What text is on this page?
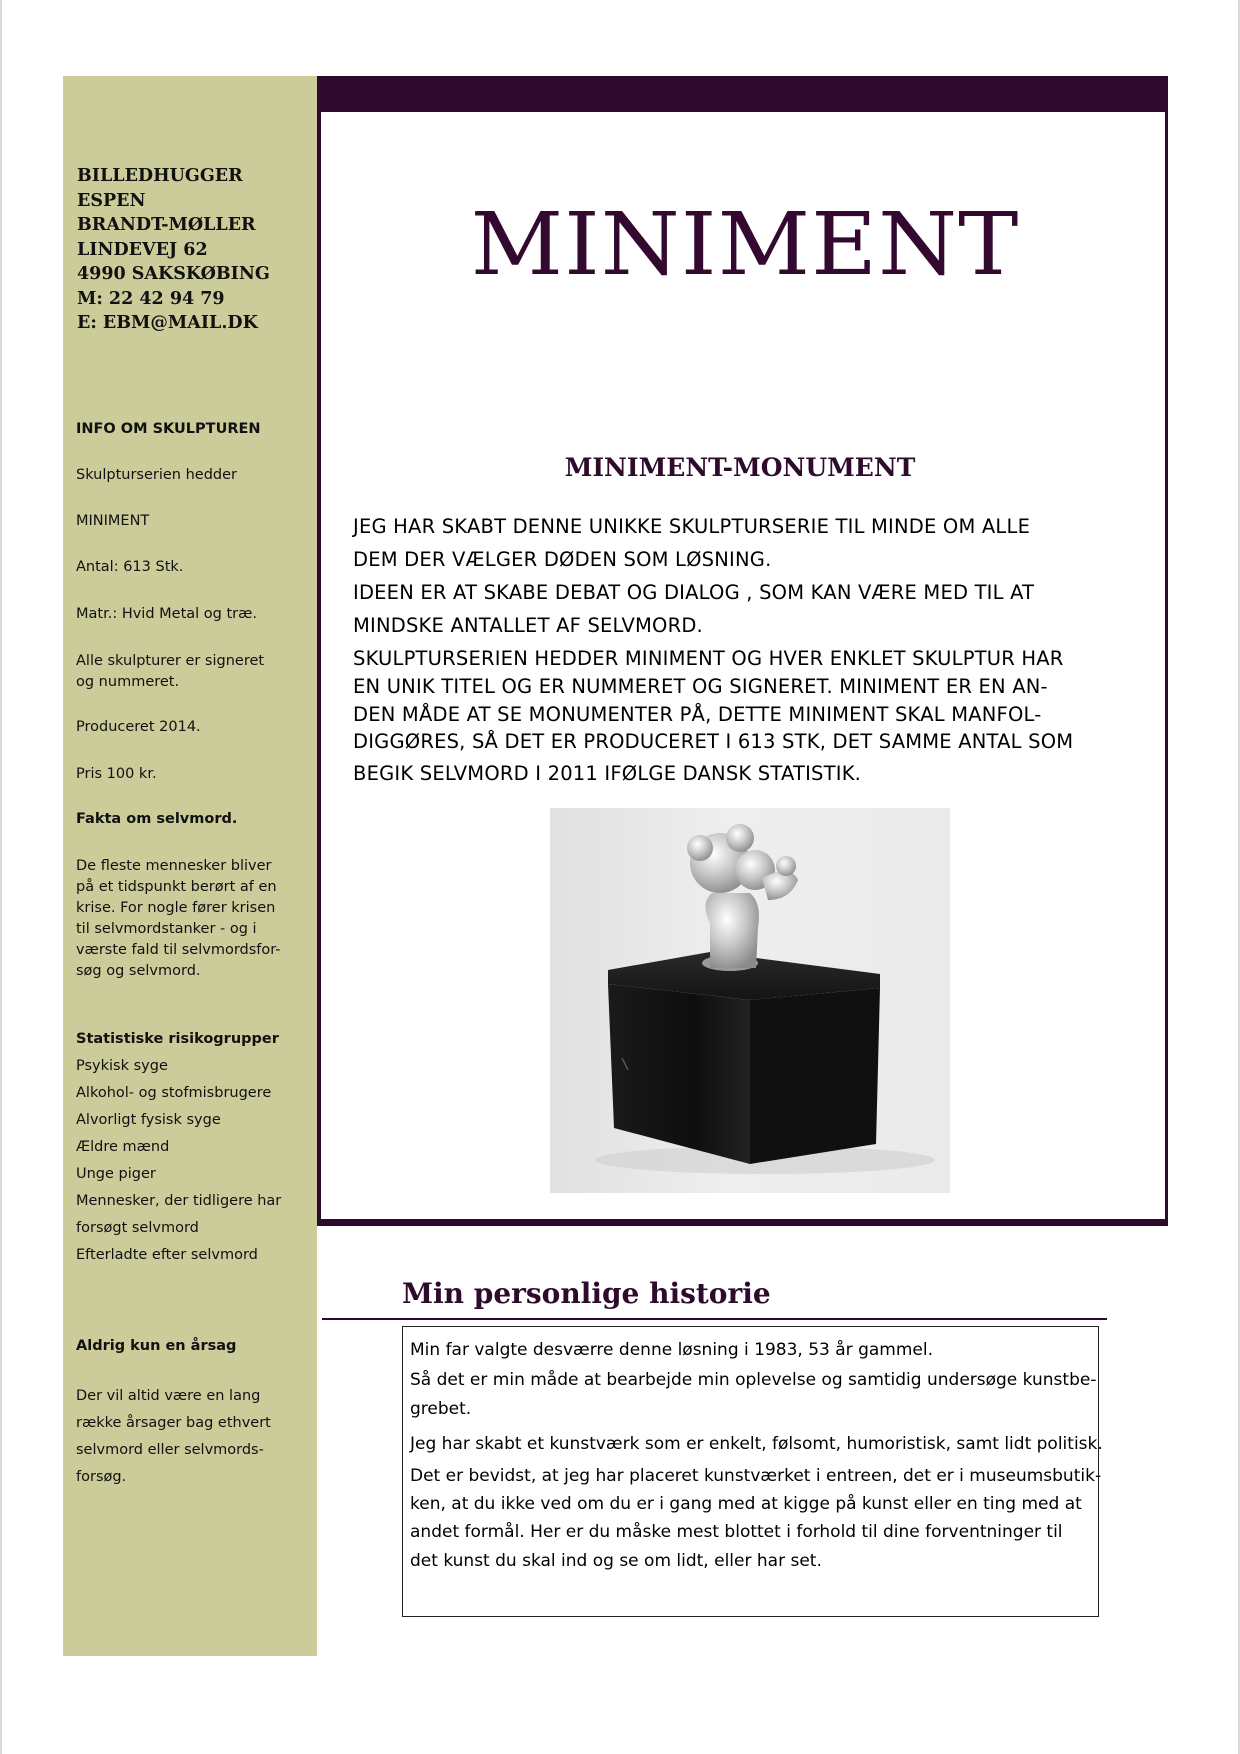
BILLEDHUGGER
ESPEN
BRANDT-MØLLER
LINDEVEJ 62
4990 SAKSKØBING
M: 22 42 94 79
E: EBM@MAIL.DK
INFO OM SKULPTUREN
Skulpturserien hedder
MINIMENT
Antal: 613 Stk.
Matr.: Hvid Metal og træ.
Alle skulpturer er signeret
og nummeret.
Produceret 2014.
Pris 100 kr.
Fakta om selvmord.
De fleste mennesker bliver
på et tidspunkt berørt af en
krise. For nogle fører krisen
til selvmordstanker - og i
værste fald til selvmordsfor-
søg og selvmord.
Statistiske risikogrupper
Psykisk syge
Alkohol- og stofmisbrugere
Alvorligt fysisk syge
Ældre mænd
Unge piger
Mennesker, der tidligere har
forsøgt selvmord
Efterladte efter selvmord
Aldrig kun en årsag
Der vil altid være en lang
række årsager bag ethvert
selvmord eller selvmords-
forsøg.
MINIMENT
MINIMENT-MONUMENT
JEG HAR SKABT DENNE UNIKKE SKULPTURSERIE TIL MINDE OM ALLE
DEM DER VÆLGER DØDEN SOM LØSNING.
IDEEN ER AT SKABE DEBAT OG DIALOG , SOM KAN VÆRE MED TIL AT
MINDSKE ANTALLET AF SELVMORD.
SKULPTURSERIEN HEDDER MINIMENT OG HVER ENKLET SKULPTUR HAR
EN UNIK TITEL OG ER NUMMERET OG SIGNERET. MINIMENT ER EN AN-
DEN MÅDE AT SE MONUMENTER PÅ, DETTE MINIMENT SKAL MANFOL-
DIGGØRES, SÅ DET ER PRODUCERET I 613 STK, DET SAMME ANTAL SOM
BEGIK SELVMORD I 2011 IFØLGE DANSK STATISTIK.
Min personlige historie
Min far valgte desværre denne løsning i 1983, 53 år gammel.
Så det er min måde at bearbejde min oplevelse og samtidig undersøge kunstbe-
grebet.
Jeg har skabt et kunstværk som er enkelt, følsomt, humoristisk, samt lidt politisk.
Det er bevidst, at jeg har placeret kunstværket i entreen, det er i museumsbutik-
ken, at du ikke ved om du er i gang med at kigge på kunst eller en ting med at
andet formål. Her er du måske mest blottet i forhold til dine forventninger til
det kunst du skal ind og se om lidt, eller har set.
